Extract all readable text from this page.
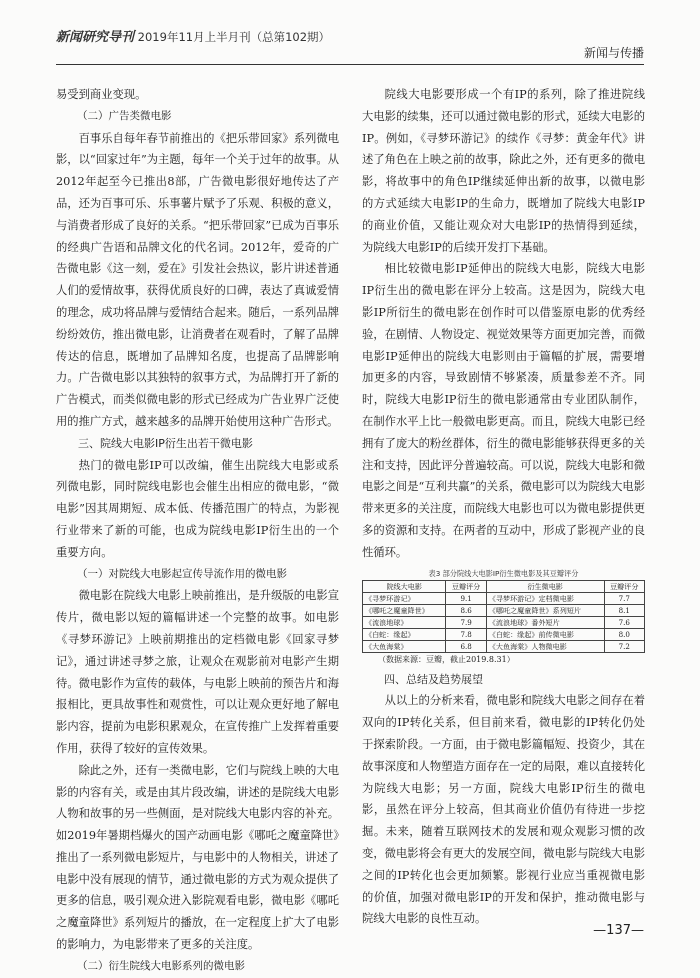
新闻研究导刊 2019年11月上半月刊（总第102期）
新闻与传播

易受到商业变现。

（二）广告类微电影

百事乐自每年春节前推出的《把乐带回家》系列微电影，以“回家过年”为主题，每年一个关于过年的故事。从2012年起至今已推出8部，广告微电影很好地传达了产品，还为百事可乐、乐事薯片赋予了乐观、积极的意义，与消费者形成了良好的关系。“把乐带回家”已成为百事乐的经典广告语和品牌文化的代名词。2012年，爱奇的广告微电影《这一刻，爱在》引发社会热议，影片讲述普通人们的爱情故事，获得优质良好的口碑，表达了真诚爱情的理念，成功将品牌与爱情结合起来。随后，一系列品牌纷纷效仿，推出微电影，让消费者在观看时，了解了品牌传达的信息，既增加了品牌知名度，也提高了品牌影响力。广告微电影以其独特的叙事方式，为品牌打开了新的广告模式，而类似微电影的形式已经成为广告业界广泛使用的推广方式，越来越多的品牌开始使用这种广告形式。

三、院线大电影IP衍生出若干微电影

热门的微电影IP可以改编，催生出院线大电影或系列微电影，同时院线电影也会催生出相应的微电影，“微电影”因其周期短、成本低、传播范围广的特点，为影视行业带来了新的可能，也成为院线电影IP衍生出的一个重要方向。

（一）对院线大电影起宣传导流作用的微电影

微电影在院线大电影上映前推出，是升级版的电影宣传片，微电影以短的篇幅讲述一个完整的故事。如电影《寻梦环游记》上映前期推出的定档微电影《回家寻梦记》，通过讲述寻梦之旅，让观众在观影前对电影产生期待。微电影作为宣传的载体，与电影上映前的预告片和海报相比，更具故事性和观赏性，可以让观众更好地了解电影内容，提前为电影积累观众，在宣传推广上发挥着重要作用，获得了较好的宣传效果。

除此之外，还有一类微电影，它们与院线上映的大电影的内容有关，或是由其片段改编，讲述的是院线大电影人物和故事的另一些侧面，是对院线大电影内容的补充。如2019年暑期档爆火的国产动画电影《哪吒之魔童降世》推出了一系列微电影短片，与电影中的人物相关，讲述了电影中没有展现的情节，通过微电影的方式为观众提供了更多的信息，吸引观众进入影院观看电影，微电影《哪吒之魔童降世》系列短片的播放，在一定程度上扩大了电影的影响力，为电影带来了更多的关注度。

（二）衍生院线大电影系列的微电影

院线大电影要形成一个有IP的系列，除了推进院线大电影的续集，还可以通过微电影的形式，延续大电影的IP。例如，《寻梦环游记》的续作《寻梦：黄金年代》讲述了角色在上映之前的故事，除此之外，还有更多的微电影，将故事中的角色IP继续延伸出新的故事，以微电影的方式延续大电影IP的生命力，既增加了院线大电影IP的商业价值，又能让观众对大电影IP的热情得到延续，为院线大电影IP的后续开发打下基础。

相比较微电影IP延伸出的院线大电影，院线大电影IP衍生出的微电影在评分上较高。这是因为，院线大电影IP所衍生的微电影在创作时可以借鉴原电影的优秀经验，在剧情、人物设定、视觉效果等方面更加完善，而微电影IP延伸出的院线大电影则由于篇幅的扩展，需要增加更多的内容，导致剧情不够紧凑，质量参差不齐。同时，院线大电影IP衍生的微电影通常由专业团队制作，在制作水平上比一般微电影更高。而且，院线大电影已经拥有了庞大的粉丝群体，衍生的微电影能够获得更多的关注和支持，因此评分普遍较高。可以说，院线大电影和微电影之间是“互利共赢”的关系，微电影可以为院线大电影带来更多的关注度，而院线大电影也可以为微电影提供更多的资源和支持。在两者的互动中，形成了影视产业的良性循环。

表3 部分院线大电影IP衍生微电影及其豆瓣评分
院线大电影	豆瓣评分	衍生微电影	豆瓣评分
《寻梦环游记》	9.1	《寻梦环游记》定档微电影	7.7
《哪吒之魔童降世》	8.6	《哪吒之魔童降世》系列短片	8.1
《流浪地球》	7.9	《流浪地球》番外短片	7.6
《白蛇：缘起》	7.8	《白蛇：缘起》前传微电影	8.0
《大鱼海棠》	6.8	《大鱼海棠》人物微电影	7.2
（数据来源：豆瓣，截止2019.8.31）
四、总结及趋势展望

从以上的分析来看，微电影和院线大电影之间存在着双向的IP转化关系，但目前来看，微电影的IP转化仍处于探索阶段。一方面，由于微电影篇幅短、投资少，其在故事深度和人物塑造方面存在一定的局限，难以直接转化为院线大电影；另一方面，院线大电影IP衍生的微电影，虽然在评分上较高，但其商业价值仍有待进一步挖掘。未来，随着互联网技术的发展和观众观影习惯的改变，微电影将会有更大的发展空间，微电影与院线大电影之间的IP转化也会更加频繁。影视行业应当重视微电影的价值，加强对微电影IP的开发和保护，推动微电影与院线大电影的良性互动。

—137—
